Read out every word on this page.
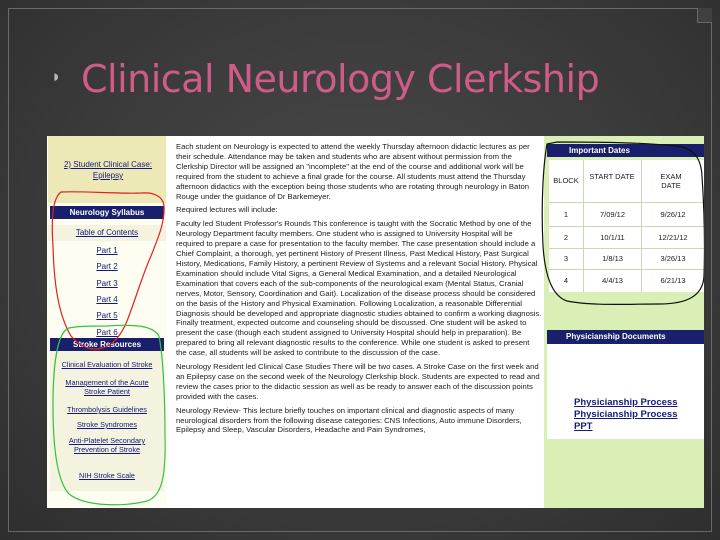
◗ Clinical Neurology Clerkship
2) Student Clinical Case: Epilepsy
Neurology Syllabus
Table of Contents
Part 1
Part 2
Part 3
Part 4
Part 5
Part 6
Stroke Resources
Clinical Evaluation of Stroke
Management of the Acute Stroke Patient
Thrombolysis Guidelines
Stroke Syndromes
Anti-Platelet Secondary Prevention of Stroke
NIH Stroke Scale

Each student on Neurology is expected to attend the weekly Thursday afternoon didactic lectures as per their schedule. Attendance may be taken and students who are absent without permission from the Clerkship Director will be assigned an "incomplete" at the end of the course and additional work will be required from the student to achieve a final grade for the course. All students must attend the Thursday afternoon didactics with the exception being those students who are rotating through neurology in Baton Rouge under the guidance of Dr Barkemeyer.

Required lectures will include:

Faculty led Student Professor's Rounds This conference is taught with the Socratic Method by one of the Neurology Department faculty members. One student who is assigned to University Hospital will be required to prepare a case for presentation to the faculty member. The case presentation should include a Chief Complaint, a thorough, yet pertinent History of Present Illness, Past Medical History, Past Surgical History, Medications, Family History, a pertinent Review of Systems and a relevant Social History. Physical Examination should include Vital Signs, a General Medical Examination, and a detailed Neurological Examination that covers each of the sub-components of the neurological exam (Mental Status, Cranial nerves, Motor, Sensory, Coordination and Gait). Localization of the disease process should be considered on the basis of the History and Physical Examination. Following Localization, a reasonable Differential Diagnosis should be developed and appropriate diagnostic studies obtained to confirm a working diagnosis. Finally treatment, expected outcome and counseling should be discussed. One student will be asked to present the case (though each student assigned to University Hospital should help in preparation). Be prepared to bring all relevant diagnostic results to the conference. While one student is asked to present the case, all students will be asked to contribute to the discussion of the case.

Neurology Resident led Clinical Case Studies There will be two cases. A Stroke Case on the first week and an Epilepsy case on the second week of the Neurology Clerkship block. Students are expected to read and review the cases prior to the didactic session as well as be ready to answer each of the discussion points provided with the cases.

Neurology Review- This lecture briefly touches on important clinical and diagnostic aspects of many neurological disorders from the following disease categories: CNS Infections, Auto immune Disorders, Epilepsy and Sleep, Vascular Disorders, Headache and Pain Syndromes,

Important Dates
BLOCK	START DATE	EXAM DATE
1	7/09/12	9/26/12
2	10/1/11	12/21/12
3	1/8/13	3/26/13
4	4/4/13	6/21/13
Physicianship Documents
Physicianship Process
Physicianship Process
PPT
